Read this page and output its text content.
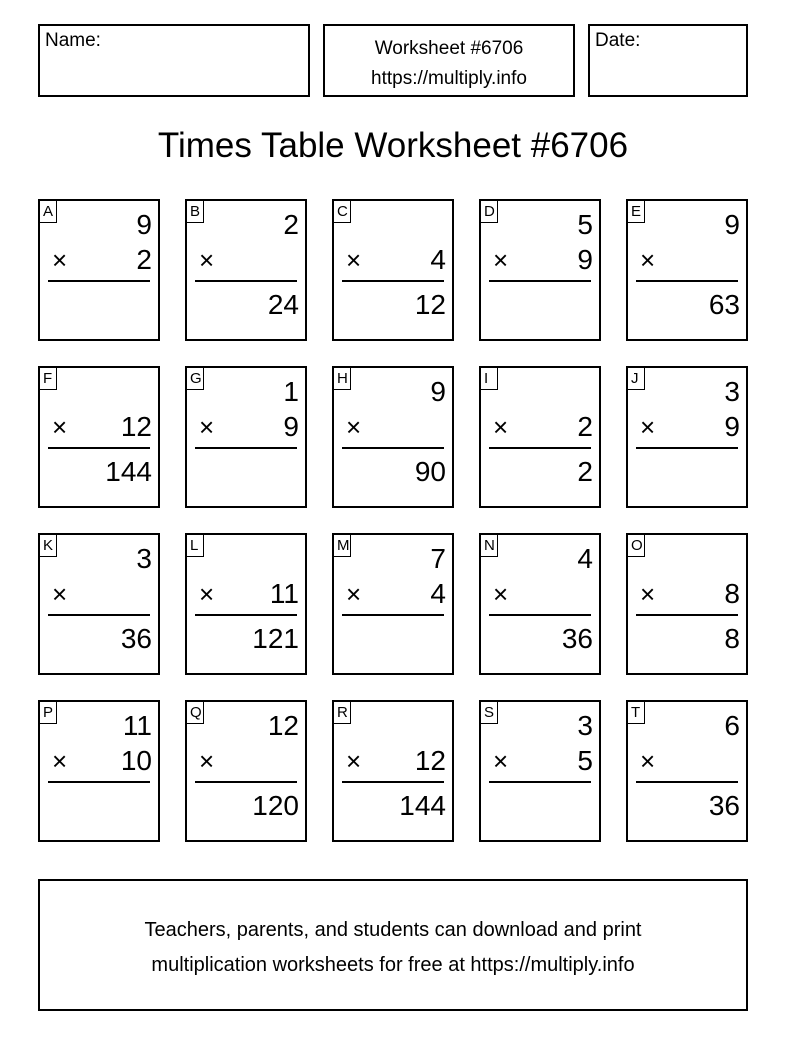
Name:	Worksheet #6706
https://multiply.info
Date:
Times Table Worksheet #6706
A	9
× 2
B	2
×
24
C
× 4
12
D	5
× 9
E	9
×
63
F
× 12
144
G	1
× 9
H	9
×
90
I
× 2
2
J	3
× 9
K	3
×
36
L
× 11
121
M	7
× 4
N	4
×
36
O
× 8
8
P 11
× 10
Q 12
×
120
R
× 12
144
S	3
× 5
T	6
×
36
Teachers, parents, and students can download and print
multiplication worksheets for free at https://multiply.info
